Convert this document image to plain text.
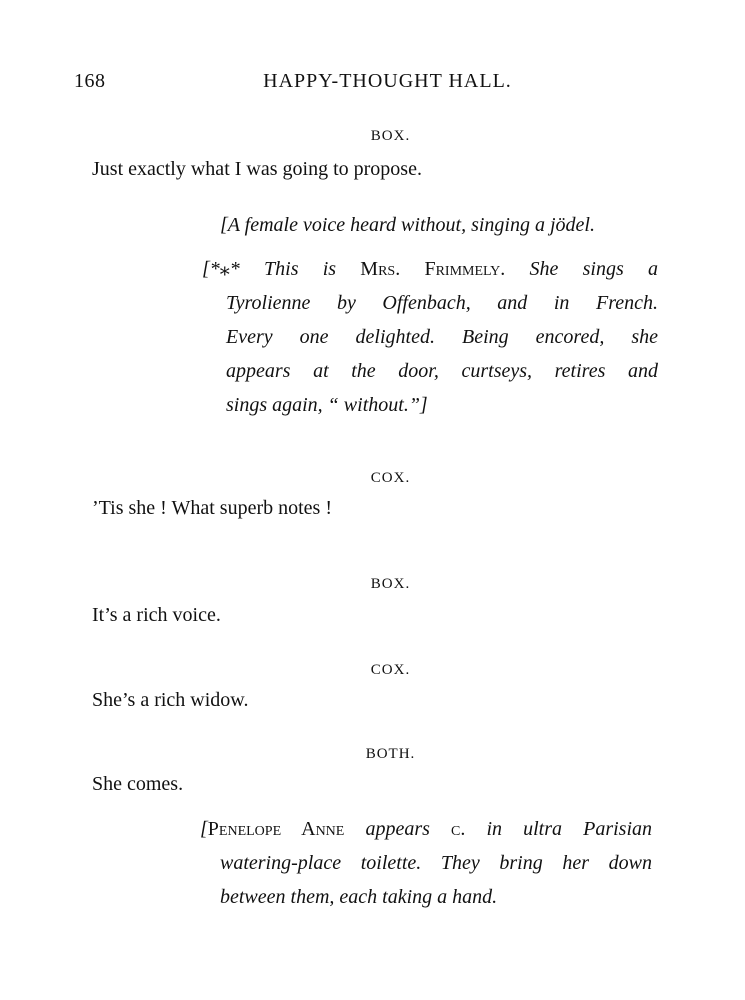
168	HAPPY-THOUGHT HALL.
BOX.
Just exactly what I was going to propose.
[A female voice heard without, singing a jödel.
[*⁎* This is Mrs. Frimmely. She sings a
Tyrolienne by Offenbach, and in French.
Every one delighted. Being encored, she
appears at the door, curtseys, retires and
sings again, “ without.”]
COX.
’Tis she ! What superb notes !
BOX.
It’s a rich voice.
COX.
She’s a rich widow.
BOTH.
She comes.
[Penelope Anne appears c. in ultra Parisian
watering-place toilette. They bring her down
between them, each taking a hand.
